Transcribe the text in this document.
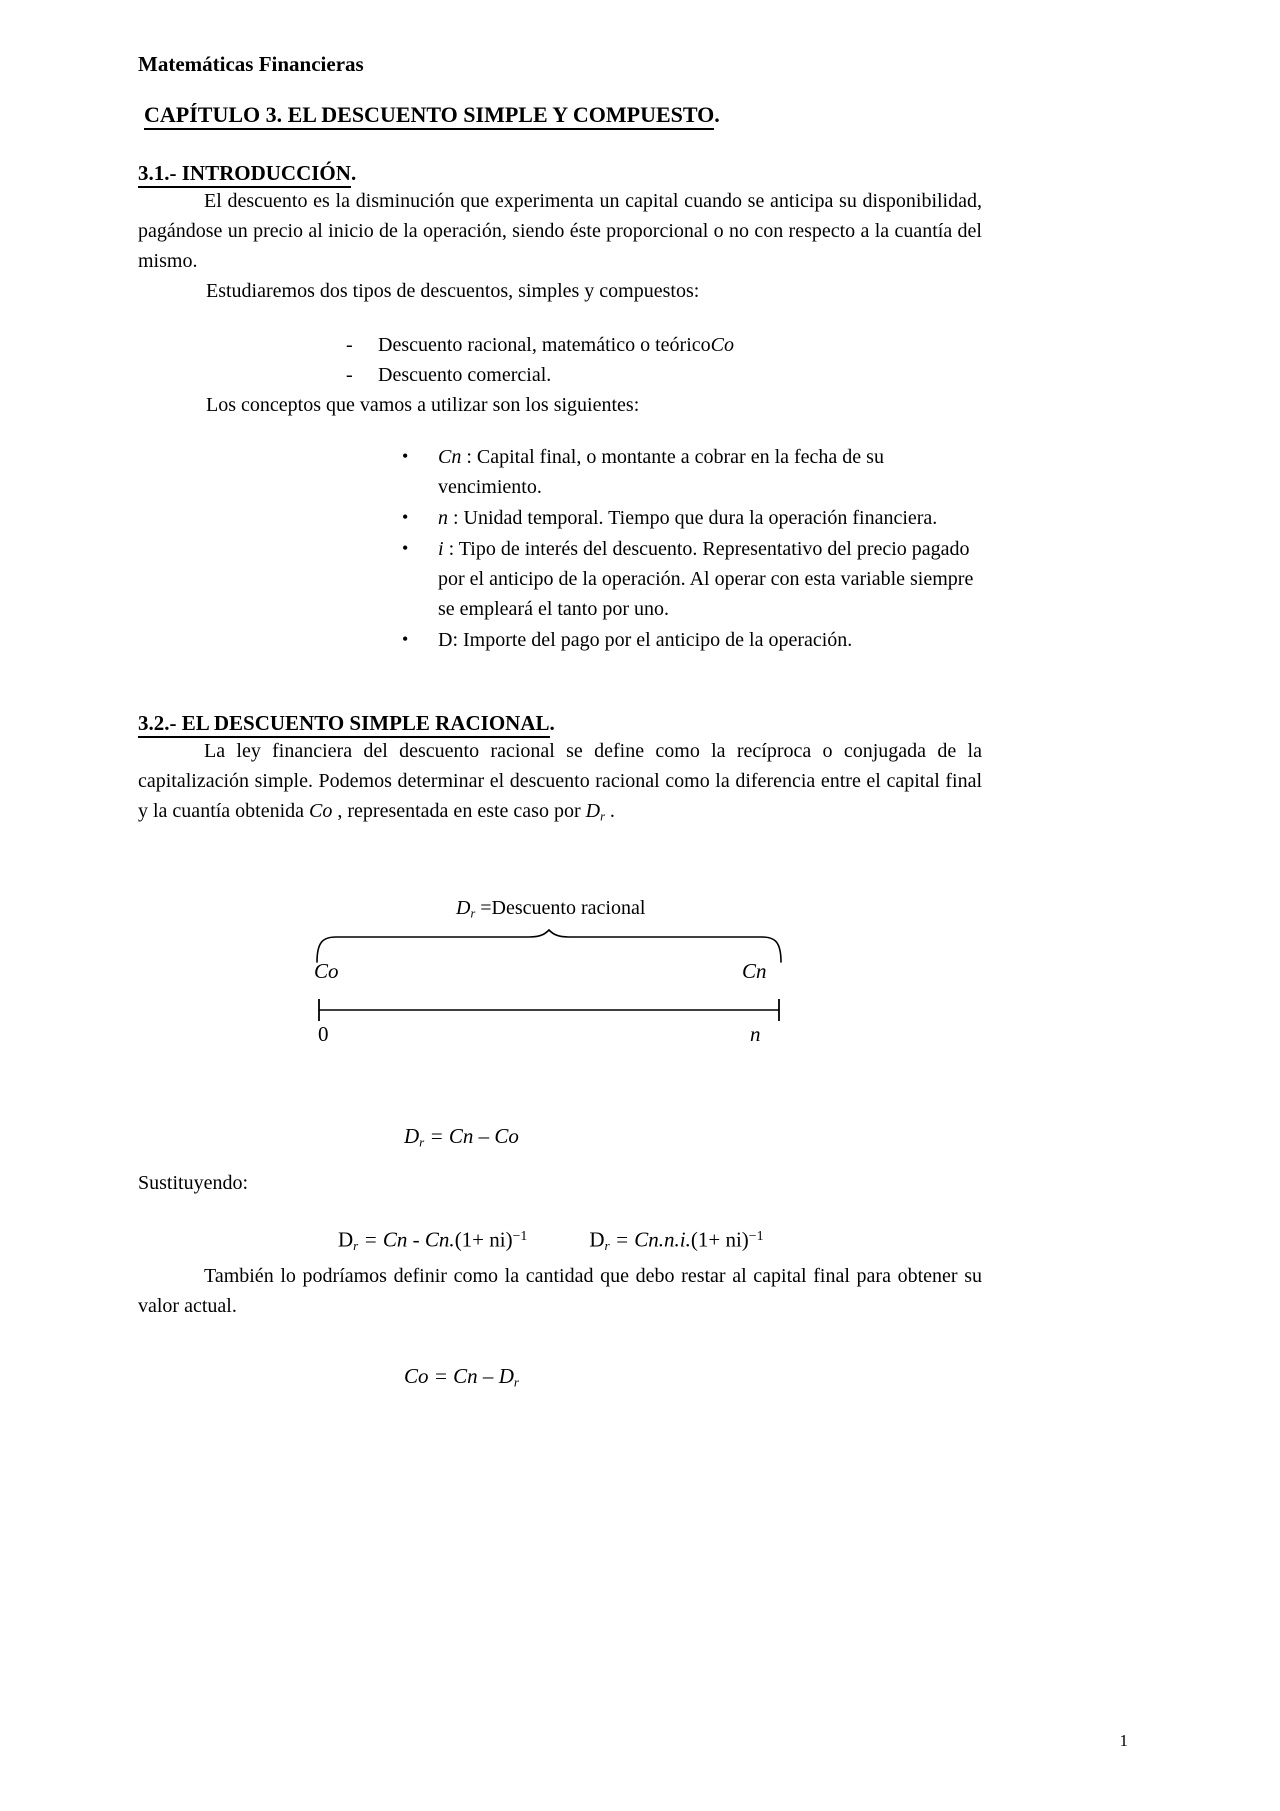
Matemáticas Financieras
CAPÍTULO 3. EL DESCUENTO SIMPLE Y COMPUESTO.
3.1.- INTRODUCCIÓN.

El descuento es la disminución que experimenta un capital cuando se anticipa su disponibilidad, pagándose un precio al inicio de la operación, siendo éste proporcional o no con respecto a la cuantía del mismo.

Estudiaremos dos tipos de descuentos, simples y compuestos:

- Descuento racional, matemático o teóricoCo
- Descuento comercial.

Los conceptos que vamos a utilizar son los siguientes:

• Cn : Capital final, o montante a cobrar en la fecha de su vencimiento.
• n : Unidad temporal. Tiempo que dura la operación financiera.
• i : Tipo de interés del descuento. Representativo del precio pagado por el anticipo de la operación. Al operar con esta variable siempre se empleará el tanto por uno.
• D: Importe del pago por el anticipo de la operación.
3.2.- EL DESCUENTO SIMPLE RACIONAL.

La ley financiera del descuento racional se define como la recíproca o conjugada de la capitalización simple. Podemos determinar el descuento racional como la diferencia entre el capital final y la cuantía obtenida Co , representada en este caso por $D_r$ .

$D_r$ =Descuento racional
Co	Cn
0	n
$D_r = Cn - Co$
Sustituyendo:
$D_r = Cn - Cn.(1+ ni)^{-1}$	$D_r = Cn.n.i.(1+ ni)^{-1}$

También lo podríamos definir como la cantidad que debo restar al capital final para obtener su valor actual.

$Co = Cn - D_r$
1
